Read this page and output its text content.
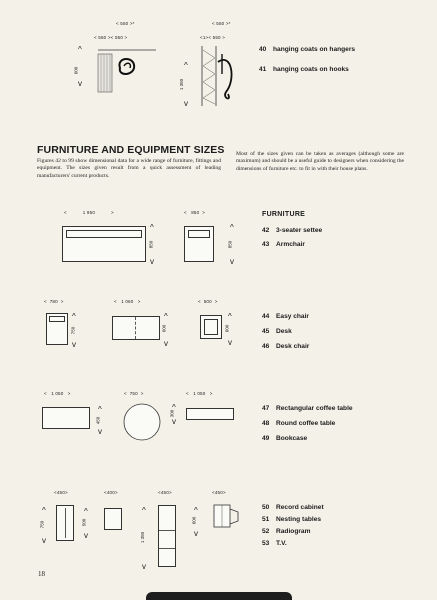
< 550 >*
< 550 >< 550 >
^
600
v
< 550 >*
<1>< 550 >
^
1 350
v
40 hanging coats on hangers
41 hanging coats on hooks
FURNITURE AND EQUIPMENT SIZES
Figures 42 to 99 show dimensional data for a wide range of furniture, fittings and equipment. The sizes given result from a quick assessment of leading manufacturers' current products.
Most of the sizes given can be taken as averages (although some are maximum) and should be a useful guide to designers when considering the dimensions of furniture etc. to fit in with their house plans.
<           1 950           >
^
850
v
<   850  >
^
850
v
FURNITURE
42 3-seater settee
43 Armchair
<  780  >
^
750
v
<   1 060   >
^
600
v
<  500  >
^
600
v
44 Easy chair
45 Desk
46 Desk chair
<   1 050   >
^
450
v
<  750  >
^
300
v
<   1 050   >
47 Rectangular coffee table
48 Round coffee table
49 Bookcase
<450>
^
750
v
<400>
^
500
v
<450>
^
1 350
v
<450>
^
600
v
50 Record cabinet
51 Nesting tables
52 Radiogram
53 T.V.
18
